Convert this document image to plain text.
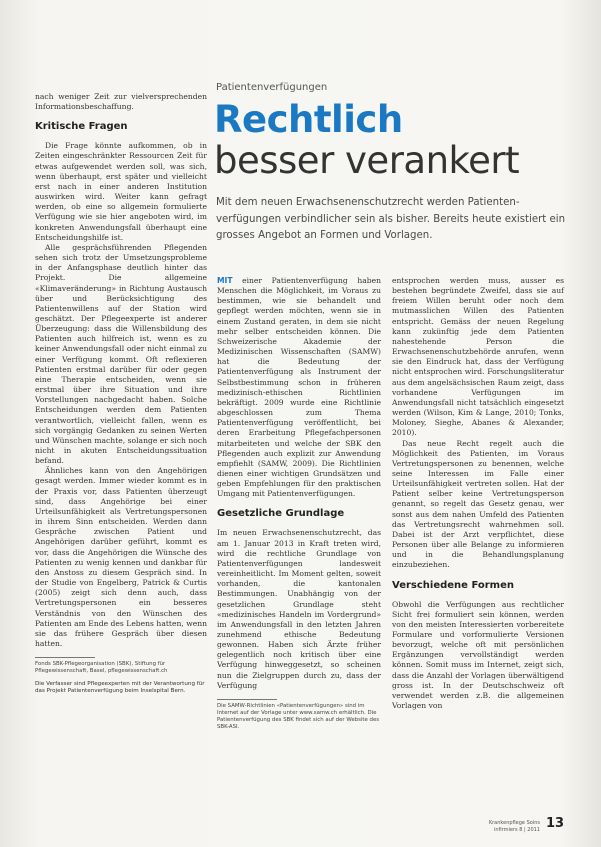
nach weniger Zeit zur vielversprechenden Informationsbeschaffung.

Kritische Fragen

Die Frage könnte aufkommen, ob in Zeiten eingeschränkter Ressourcen Zeit für etwas aufgewendet werden soll, was sich, wenn überhaupt, erst später und vielleicht erst nach in einer anderen Institution auswirken wird. Weiter kann gefragt werden, ob eine so allgemein formulierte Verfügung wie sie hier angeboten wird, im konkreten Anwendungsfall überhaupt eine Entscheidungshilfe ist.

Alle gesprächsführenden Pflegenden sehen sich trotz der Umsetzungsprobleme in der Anfangsphase deutlich hinter das Projekt. Die allgemeine «Klimaveränderung» in Richtung Austausch über und Berücksichtigung des Patientenwillens auf der Station wird geschätzt. Der Pflegeexperte ist anderer Überzeugung: dass die Willensbildung des Patienten auch hilfreich ist, wenn es zu keiner Anwendungsfall oder nicht einmal zu einer Verfügung kommt. Oft reflexieren Patienten erstmal darüber für oder gegen eine Therapie entscheiden, wenn sie erstmal über ihre Situation und ihre Vorstellungen nachgedacht haben. Solche Entscheidungen werden dem Patienten verantwortlich, vielleicht fallen, wenn es sich vorgängig Gedanken zu seinen Werten und Wünschen machte, solange er sich noch nicht in akuten Entscheidungssituation befand.

Ähnliches kann von den Angehörigen gesagt werden. Immer wieder kommt es in der Praxis vor, dass Patienten überzeugt sind, dass Angehörige bei einer Urteilsunfähigkeit als Vertretungspersonen in ihrem Sinn entscheiden. Werden dann Gespräche zwischen Patient und Angehörigen darüber geführt, kommt es vor, dass die Angehörigen die Wünsche des Patienten zu wenig kennen und dankbar für den Anstoss zu diesem Gespräch sind. In der Studie von Engelberg, Patrick & Curtis (2005) zeigt sich denn auch, dass Vertretungspersonen ein besseres Verständnis von den Wünschen des Patienten am Ende des Lebens hatten, wenn sie das frühere Gespräch über diesen hatten.

Fonds SBK-Pflegeorganisation (SBK), Stiftung für Pflegewissenschaft, Basel, pflegewissenschaft.ch
Die Verfasser sind Pflegeexperten mit der Verantwortung für das Projekt Patientenverfügung beim Inselspital Bern.
Patientenverfügungen
Rechtlich
besser verankert

Mit dem neuen Erwachsenenschutzrecht werden Patienten- verfügungen verbindlicher sein als bisher. Bereits heute existiert ein grosses Angebot an Formen und Vorlagen.

MIT einer Patientenverfügung haben Menschen die Möglichkeit, im Voraus zu bestimmen, wie sie behandelt und gepflegt werden möchten, wenn sie in einem Zustand geraten, in dem sie nicht mehr selber entscheiden können. Die Schweizerische Akademie der Medizinischen Wissenschaften (SAMW) hat die Bedeutung der Patientenverfügung als Instrument der Selbstbestimmung schon in früheren medizinisch-ethischen Richtlinien bekräftigt. 2009 wurde eine Richtlinie abgeschlossen zum Thema Patientenverfügung veröffentlicht, bei deren Erarbeitung Pflegefachpersonen mitarbeiteten und welche der SBK den Pflegenden auch explizit zur Anwendung empfiehlt (SAMW, 2009). Die Richtlinien dienen einer wichtigen Grundsätzen und geben Empfehlungen für den praktischen Umgang mit Patientenverfügungen.

Gesetzliche Grundlage

Im neuen Erwachsenenschutzrecht, das am 1. Januar 2013 in Kraft treten wird, wird die rechtliche Grundlage von Patientenverfügungen landesweit vereinheitlicht. Im Moment gelten, soweit vorhanden, die kantonalen Bestimmungen. Unabhängig von der gesetzlichen Grundlage steht «medizinisches Handeln im Vordergrund» im Anwendungsfall in den letzten Jahren zunehmend ethische Bedeutung gewonnen. Haben sich Ärzte früher gelegentlich noch kritisch über eine Verfügung hinweggesetzt, so scheinen nun die Zielgruppen durch zu, dass der Verfügung

Die SAMW-Richtlinien «Patientenverfügungen» sind im Internet auf der Vorlage unter www.samw.ch erhältlich. Die Patientenverfügung des SBK findet sich auf der Website des SBK-ASI.

entsprochen werden muss, ausser es bestehen begründete Zweifel, dass sie auf freiem Willen beruht oder noch dem mutmasslichen Willen des Patienten entspricht. Gemäss der neuen Regelung kann zukünftig jede dem Patienten nahestehende Person die Erwachsenenschutzbehörde anrufen, wenn sie den Eindruck hat, dass der Verfügung nicht entsprochen wird. Forschungsliteratur aus dem angelsächsischen Raum zeigt, dass vorhandene Verfügungen im Anwendungsfall nicht tatsächlich eingesetzt werden (Wilson, Kim & Lange, 2010; Tonks, Moloney, Sieghe, Abanes & Alexander, 2010).

Das neue Recht regelt auch die Möglichkeit des Patienten, im Voraus Vertretungspersonen zu benennen, welche seine Interessen im Falle einer Urteilsunfähigkeit vertreten sollen. Hat der Patient selber keine Vertretungsperson genannt, so regelt das Gesetz genau, wer sonst aus dem nahen Umfeld des Patienten das Vertretungsrecht wahrnehmen soll. Dabei ist der Arzt verpflichtet, diese Personen über alle Belange zu informieren und in die Behandlungsplanung einzubeziehen.

Verschiedene Formen

Obwohl die Verfügungen aus rechtlicher Sicht frei formuliert sein können, werden von den meisten Interessierten vorbereitete Formulare und vorformulierte Versionen bevorzugt, welche oft mit persönlichen Ergänzungen vervollständigt werden können. Somit muss im Internet, zeigt sich, dass die Anzahl der Vorlagen überwältigend gross ist. In der Deutschschweiz oft verwendet werden z.B. die allgemeinen Vorlagen von

Krankenpflege Soins infirmiers 8 | 2011 13
